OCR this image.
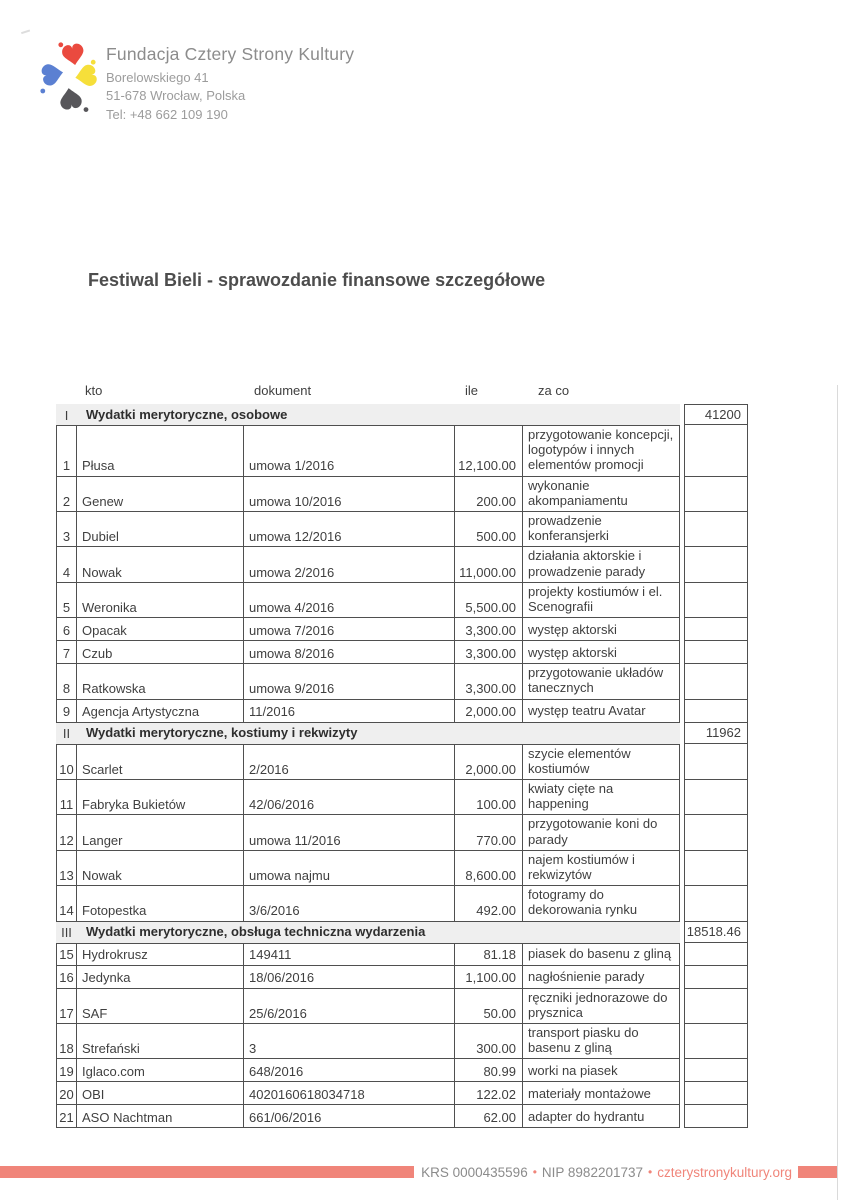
Fundacja Cztery Strony Kultury
Borelowskiego 41
51-678 Wrocław, Polska
Tel: +48 662 109 190
Festiwal Bieli - sprawozdanie finansowe szczegółowe
kto	dokument	ile	za co
I	Wydatki merytoryczne, osobowe	41200
1 Płusa	umowa 1/2016	12,100.00
przygotowanie koncepcji, logotypów i innych elementów promocji
2 Genew	umowa 10/2016	200.00
wykonanie akompaniamentu
3 Dubiel	umowa 12/2016	500.00
prowadzenie konferansjerki
4 Nowak	umowa 2/2016	11,000.00
działania aktorskie i prowadzenie parady
5 Weronika	umowa 4/2016	5,500.00
projekty kostiumów i el. Scenografii
6 Opacak	umowa 7/2016	3,300.00 występ aktorski
7 Czub	umowa 8/2016	3,300.00 występ aktorski
8 Ratkowska	umowa 9/2016	3,300.00
przygotowanie układów tanecznych
9 Agencja Artystyczna	11/2016	2,000.00 występ teatru Avatar
II	Wydatki merytoryczne, kostiumy i rekwizyty	11962
10 Scarlet	2/2016	2,000.00
szycie elementów kostiumów
11 Fabryka Bukietów	42/06/2016	100.00
kwiaty cięte na happening
12 Langer	umowa 11/2016	770.00
przygotowanie koni do parady
13 Nowak	umowa najmu	8,600.00
najem kostiumów i rekwizytów
14 Fotopestka	3/6/2016	492.00
fotogramy do dekorowania rynku
III	Wydatki merytoryczne, obsługa techniczna wydarzenia	18518.46
15 Hydrokrusz	149411	81.18 piasek do basenu z gliną
16 Jedynka	18/06/2016	1,100.00 nagłośnienie parady
17 SAF	25/6/2016	50.00
ręczniki jednorazowe do prysznica
18 Strefański	3	300.00
transport piasku do basenu z gliną
19 Iglaco.com	648/2016	80.99 worki na piasek
20 OBI	4020160618034718	122.02 materiały montażowe
21 ASO Nachtman	661/06/2016	62.00 adapter do hydrantu
KRS 0000435596 • NIP 8982201737 • czterystronykultury.org
